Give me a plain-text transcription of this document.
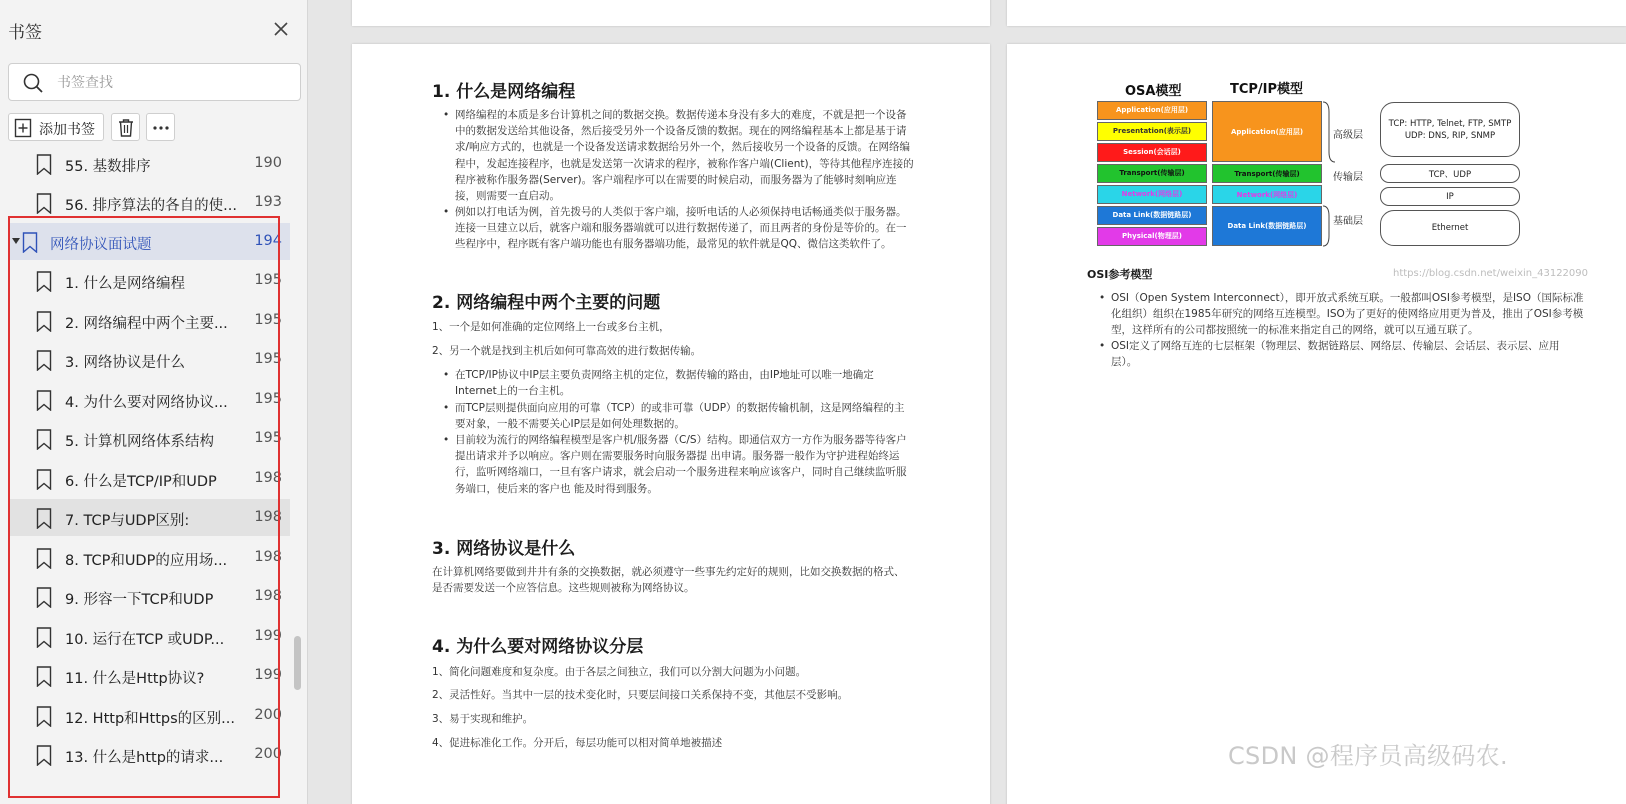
书签
书签查找
添加书签
55. 基数排序	190
56. 排序算法的各自的使... 193
网络协议面试题	194
1. 什么是网络编程	195
2. 网络编程中两个主要... 195
3. 网络协议是什么	195
4. 为什么要对网络协议... 195
5. 计算机网络体系结构	195
6. 什么是TCP/IP和UDP	198
7. TCP与UDP区别:	198
8. TCP和UDP的应用场... 198
9. 形容一下TCP和UDP	198
10. 运行在TCP 或UDP... 199
11. 什么是Http协议?	199
12. Http和Https的区别... 200
13. 什么是http的请求... 200
1. 什么是网络编程
• 网络编程的本质是多台计算机之间的数据交换。数据传递本身没有多大的难度，不就是把一个设备中的数据发送给其他设备，然后接受另外一个设备反馈的数据。现在的网络编程基本上都是基于请求/响应方式的，也就是一个设备发送请求数据给另外一个，然后接收另一个设备的反馈。在网络编程中，发起连接程序，也就是发送第一次请求的程序，被称作客户端(Client)，等待其他程序连接的程序被称作服务器(Server)。客户端程序可以在需要的时候启动，而服务器为了能够时刻响应连接，则需要一直启动。
• 例如以打电话为例，首先拨号的人类似于客户端，接听电话的人必须保持电话畅通类似于服务器。连接一旦建立以后，就客户端和服务器端就可以进行数据传递了，而且两者的身份是等价的。在一些程序中，程序既有客户端功能也有服务器端功能，最常见的软件就是QQ、微信这类软件了。
2. 网络编程中两个主要的问题
1、一个是如何准确的定位网络上一台或多台主机，
2、另一个就是找到主机后如何可靠高效的进行数据传输。
• 在TCP/IP协议中IP层主要负责网络主机的定位，数据传输的路由，由IP地址可以唯一地确定Internet上的一台主机。
• 而TCP层则提供面向应用的可靠（TCP）的或非可靠（UDP）的数据传输机制，这是网络编程的主要对象，一般不需要关心IP层是如何处理数据的。
• 目前较为流行的网络编程模型是客户机/服务器（C/S）结构。即通信双方一方作为服务器等待客户提出请求并予以响应。客户则在需要服务时向服务器提 出申请。服务器一般作为守护进程始终运行，监听网络端口，一旦有客户请求，就会启动一个服务进程来响应该客户，同时自己继续监听服务端口，使后来的客户也 能及时得到服务。
3. 网络协议是什么
在计算机网络要做到井井有条的交换数据，就必须遵守一些事先约定好的规则，比如交换数据的格式、是否需要发送一个应答信息。这些规则被称为网络协议。
4. 为什么要对网络协议分层
1、简化问题难度和复杂度。由于各层之间独立，我们可以分割大问题为小问题。
2、灵活性好。当其中一层的技术变化时，只要层间接口关系保持不变，其他层不受影响。
3、易于实现和维护。
4、促进标准化工作。分开后，每层功能可以相对简单地被描述
OSA模型	TCP/IP模型
Application(应用层)
Presentation(表示层)
Session(会话层)
Transport(传输层)
Network(网络层)
Data Link(数据链路层)
Physical(物理层)
Application(应用层)
Transport(传输层)
Network(网络层)
Data Link(数据链路层)
高级层
传输层
基础层
TCP: HTTP, Telnet, FTP, SMTP
UDP: DNS, RIP, SNMP
TCP、UDP
IP
Ethernet
https://blog.csdn.net/weixin_43122090
OSI参考模型
• OSI（Open System Interconnect），即开放式系统互联。一般都叫OSI参考模型，是ISO（国际标准化组织）组织在1985年研究的网络互连模型。ISO为了更好的使网络应用更为普及，推出了OSI参考模型，这样所有的公司都按照统一的标准来指定自己的网络，就可以互通互联了。
• OSI定义了网络互连的七层框架（物理层、数据链路层、网络层、传输层、会话层、表示层、应用层）。
CSDN @程序员高级码农.
